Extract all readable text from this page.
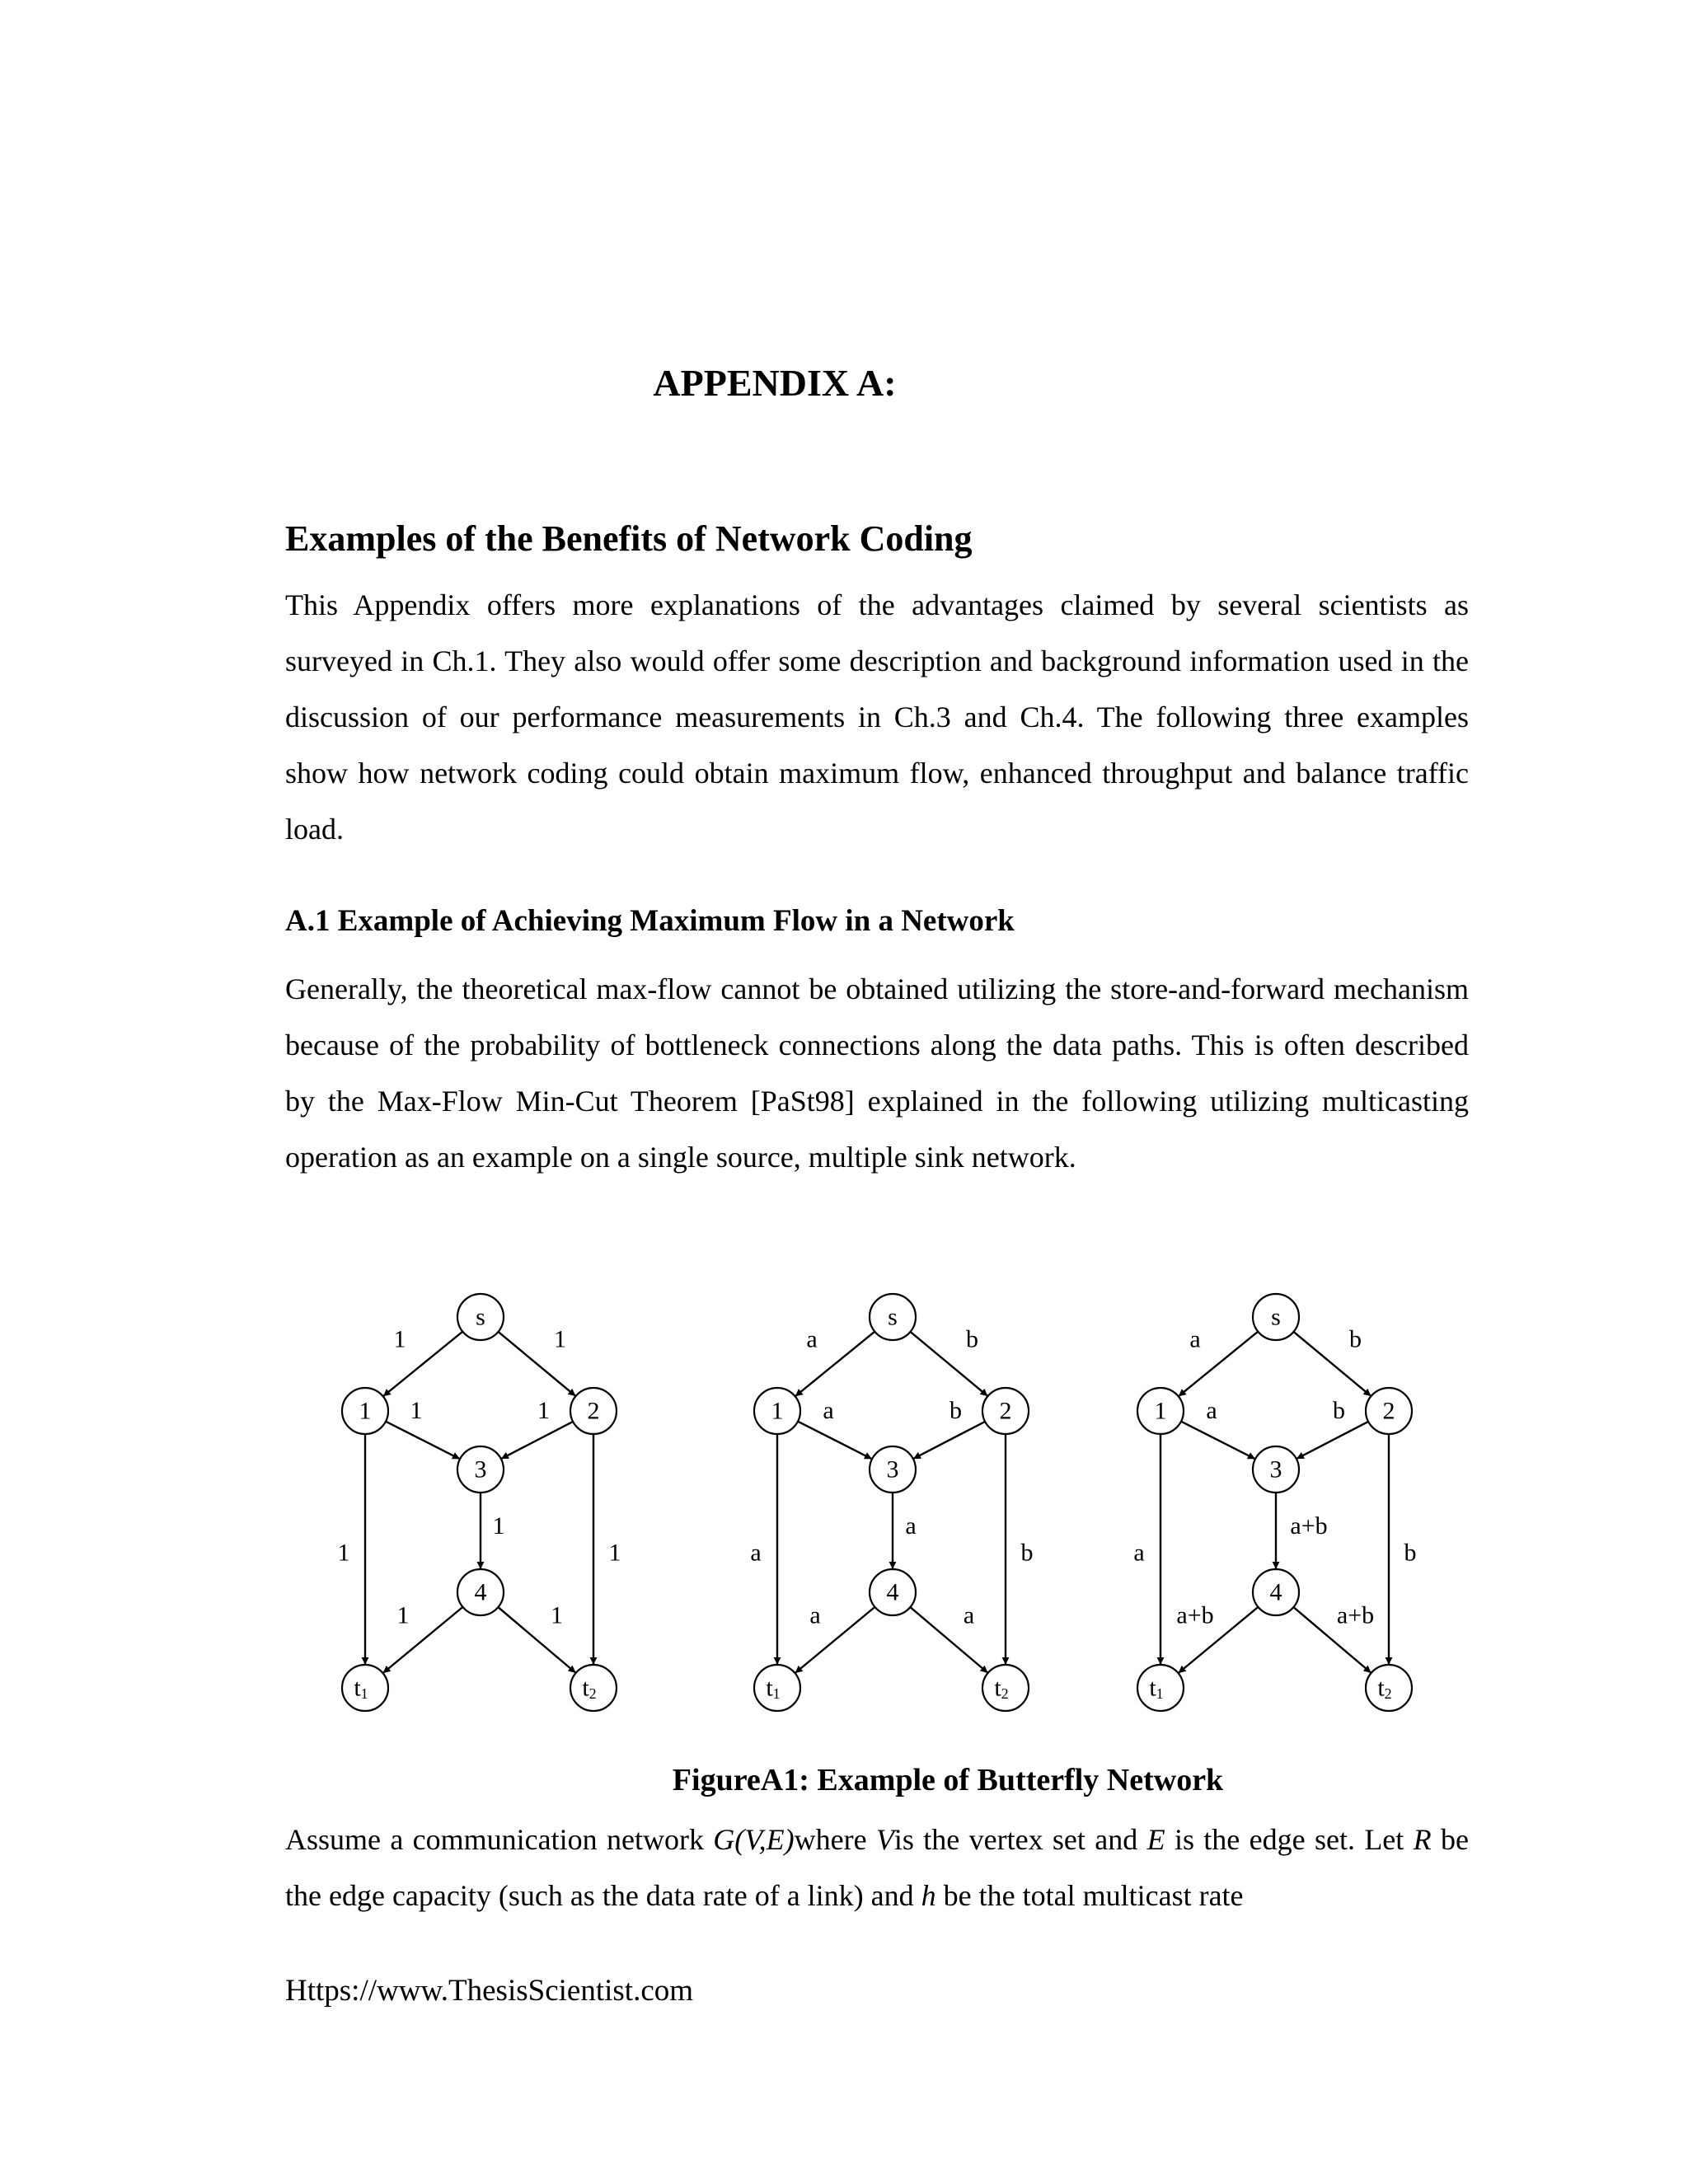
APPENDIX A:
Examples of the Benefits of Network Coding

This Appendix offers more explanations of the advantages claimed by several scientists as surveyed in Ch.1. They also would offer some description and background information used in the discussion of our performance measurements in Ch.3 and Ch.4. The following three examples show how network coding could obtain maximum flow, enhanced throughput and balance traffic load.

A.1 Example of Achieving Maximum Flow in a Network

Generally, the theoretical max-flow cannot be obtained utilizing the store-and-forward mechanism because of the probability of bottleneck connections along the data paths. This is often described by the Max-Flow Min-Cut Theorem [PaSt98] explained in the following utilizing multicasting operation as an example on a single source, multiple sink network.

1	1
1	1
1	1
1
1	1
s
1	2
3
4
$t_1$	$t_2$
a	b
a	b
a	b
a
a	a
s
1	2
3
4
$t_1$	$t_2$
a	b
a	b
a	b
a+b
a+b	a+b
s
1	2
3
4
$t_1$	$t_2$

FigureA1: Example of Butterfly Network

Assume a communication network G(V,E)where Vis the vertex set and E is the edge set. Let R be the edge capacity (such as the data rate of a link) and h be the total multicast rate

Https://www.ThesisScientist.com
